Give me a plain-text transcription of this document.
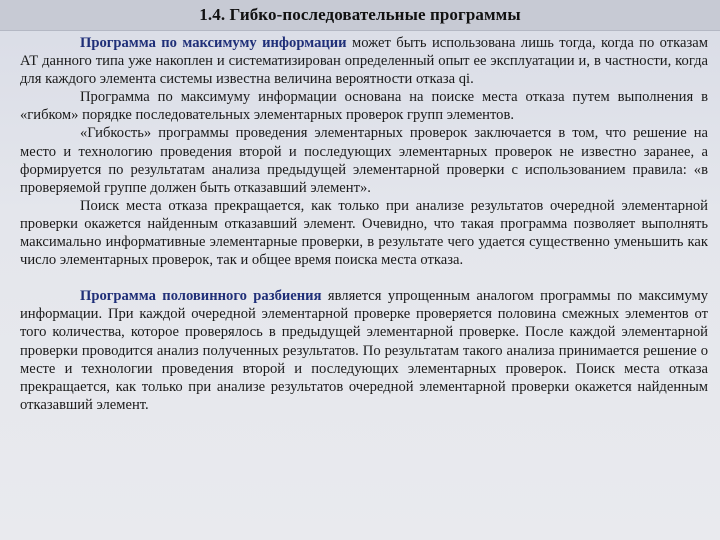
1.4. Гибко-последовательные программы

Программа по максимуму информации может быть использована лишь тогда, когда по отказам АТ данного типа уже накоплен и систематизирован определенный опыт ее эксплуатации и, в частности, когда для каждого элемента системы известна величина вероятности отказа qi.

Программа по максимуму информации основана на поиске места отказа путем выполнения в «гибком» порядке последовательных элементарных проверок групп элементов.

«Гибкость» программы проведения элементарных проверок заключается в том, что решение на место и технологию проведения второй и последующих элементарных проверок не известно заранее, а формируется по результатам анализа предыдущей элементарной проверки с использованием правила: «в проверяемой группе должен быть отказавший элемент».

Поиск места отказа прекращается, как только при анализе результатов очередной элементарной проверки окажется найденным отказавший элемент. Очевидно, что такая программа позволяет выполнять максимально информативные элементарные проверки, в результате чего удается существенно уменьшить как число элементарных проверок, так и общее время поиска места отказа.

Программа половинного разбиения является упрощенным аналогом программы по максимуму информации. При каждой очередной элементарной проверке проверяется половина смежных элементов от того количества, которое проверялось в предыдущей элементарной проверке. После каждой элементарной проверки проводится анализ полученных результатов. По результатам такого анализа принимается решение о месте и технологии проведения второй и последующих элементарных проверок. Поиск места отказа прекращается, как только при анализе результатов очередной элементарной проверки окажется найденным отказавший элемент.
